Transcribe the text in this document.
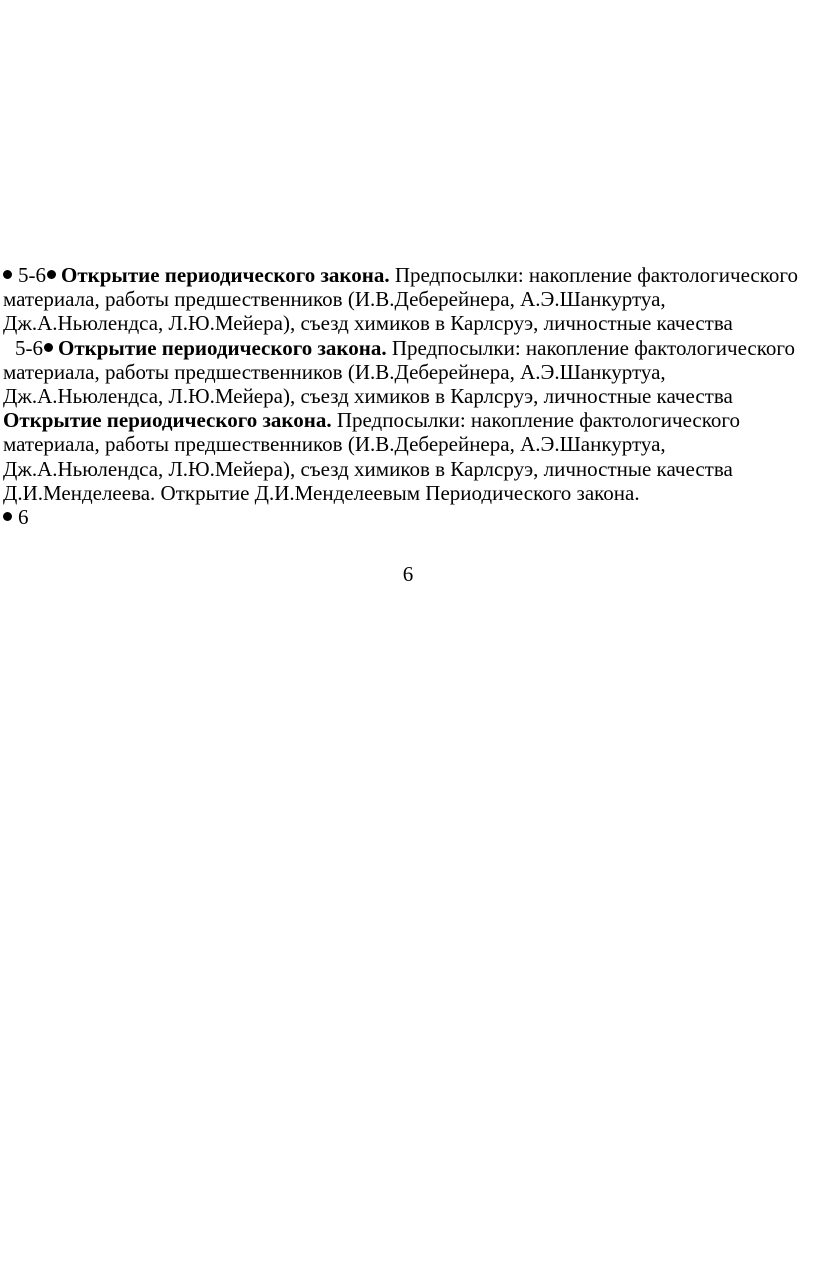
5-6 Открытие периодического закона. Предпосылки: накопление фактологического
материала, работы предшественников (И.В.Деберейнера, А.Э.Шанкуртуа,
Дж.А.Ньюлендса, Л.Ю.Мейера), съезд химиков в Карлсруэ, личностные качества
5-6 Открытие периодического закона. Предпосылки: накопление фактологического
материала, работы предшественников (И.В.Деберейнера, А.Э.Шанкуртуа,
Дж.А.Ньюлендса, Л.Ю.Мейера), съезд химиков в Карлсруэ, личностные качества
Открытие периодического закона. Предпосылки: накопление фактологического
материала, работы предшественников (И.В.Деберейнера, А.Э.Шанкуртуа,
Дж.А.Ньюлендса, Л.Ю.Мейера), съезд химиков в Карлсруэ, личностные качества
Д.И.Менделеева. Открытие Д.И.Менделеевым Периодического закона.
6
6
